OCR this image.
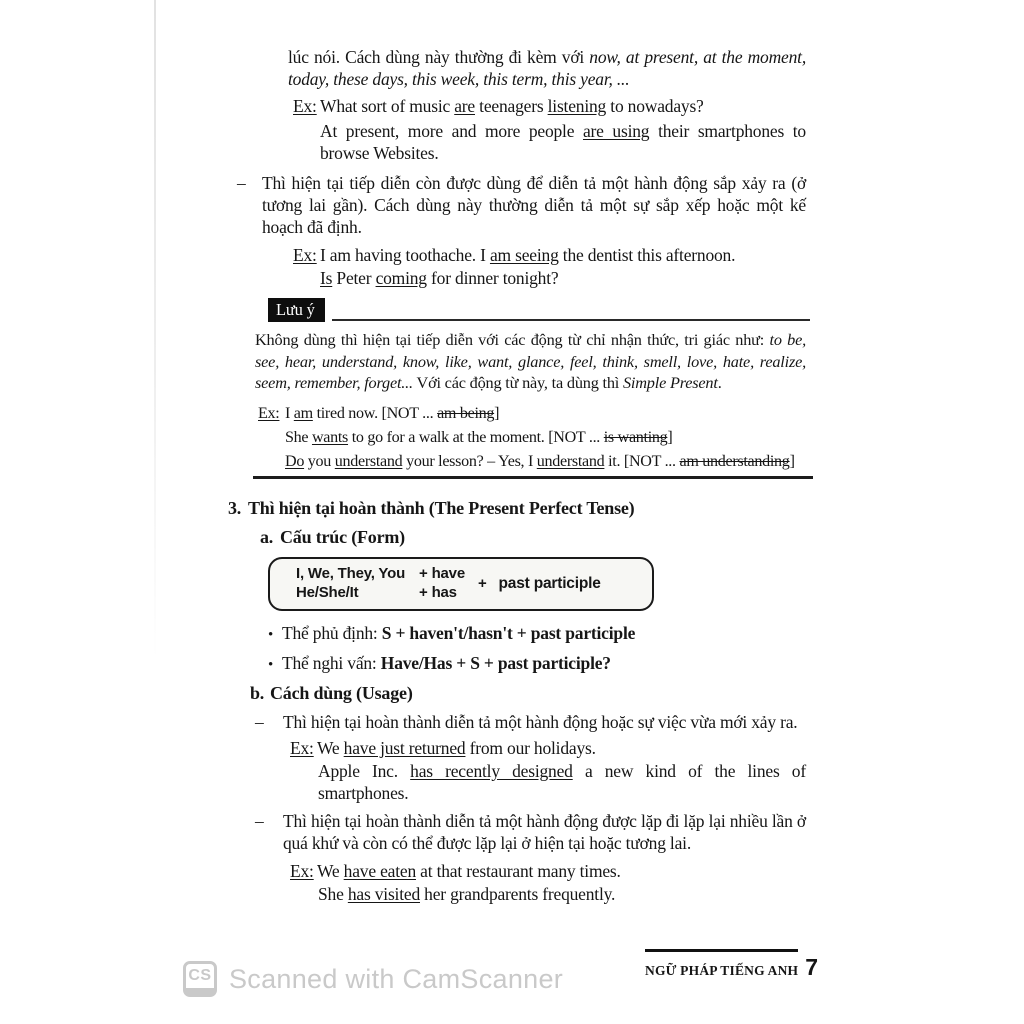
lúc nói. Cách dùng này thường đi kèm với now, at present, at the moment, today, these days, this week, this term, this year, ...

Ex: What sort of music are teenagers listening to nowadays?

At present, more and more people are using their smartphones to browse Websites.

– Thì hiện tại tiếp diễn còn được dùng để diễn tả một hành động sắp xảy ra (ở tương lai gần). Cách dùng này thường diễn tả một sự sắp xếp hoặc một kế hoạch đã định.

Ex: I am having toothache. I am seeing the dentist this afternoon.

Is Peter coming for dinner tonight?

Lưu ý

Không dùng thì hiện tại tiếp diễn với các động từ chỉ nhận thức, tri giác như: to be, see, hear, understand, know, like, want, glance, feel, think, smell, love, hate, realize, seem, remember, forget... Với các động từ này, ta dùng thì Simple Present.

Ex: I am tired now. [NOT ... am being]

She wants to go for a walk at the moment. [NOT ... is wanting]

Do you understand your lesson? – Yes, I understand it. [NOT ... am understanding]

3. Thì hiện tại hoàn thành (The Present Perfect Tense)

a. Cấu trúc (Form)

I, We, They, You + have
He/She/It	+ has
+ past participle

• Thể phủ định: S + haven't/hasn't + past participle

• Thể nghi vấn: Have/Has + S + past participle?

b. Cách dùng (Usage)

–	Thì hiện tại hoàn thành diễn tả một hành động hoặc sự việc vừa mới xảy ra.

Ex: We have just returned from our holidays.

Apple Inc. has recently designed a new kind of the lines of smartphones.

–	Thì hiện tại hoàn thành diễn tả một hành động được lặp đi lặp lại nhiều lần ở quá khứ và còn có thể được lặp lại ở hiện tại hoặc tương lai.

Ex: We have eaten at that restaurant many times.

She has visited her grandparents frequently.

NGỮ PHÁP TIẾNG ANH 7
CS Scanned with CamScanner
